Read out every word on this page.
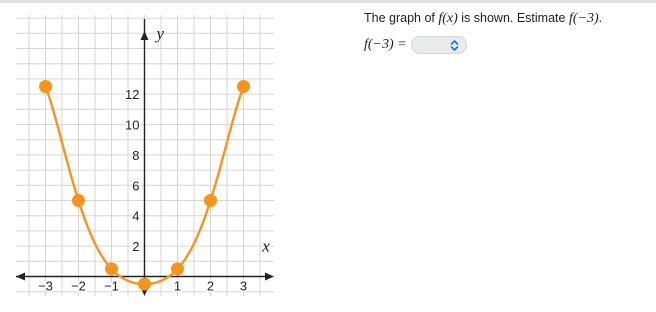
x
y
−3 −2 −1	1 2 3
2
4
6
8
10
12
The graph of f(x) is shown. Estimate f(−3).
f(−3) =
